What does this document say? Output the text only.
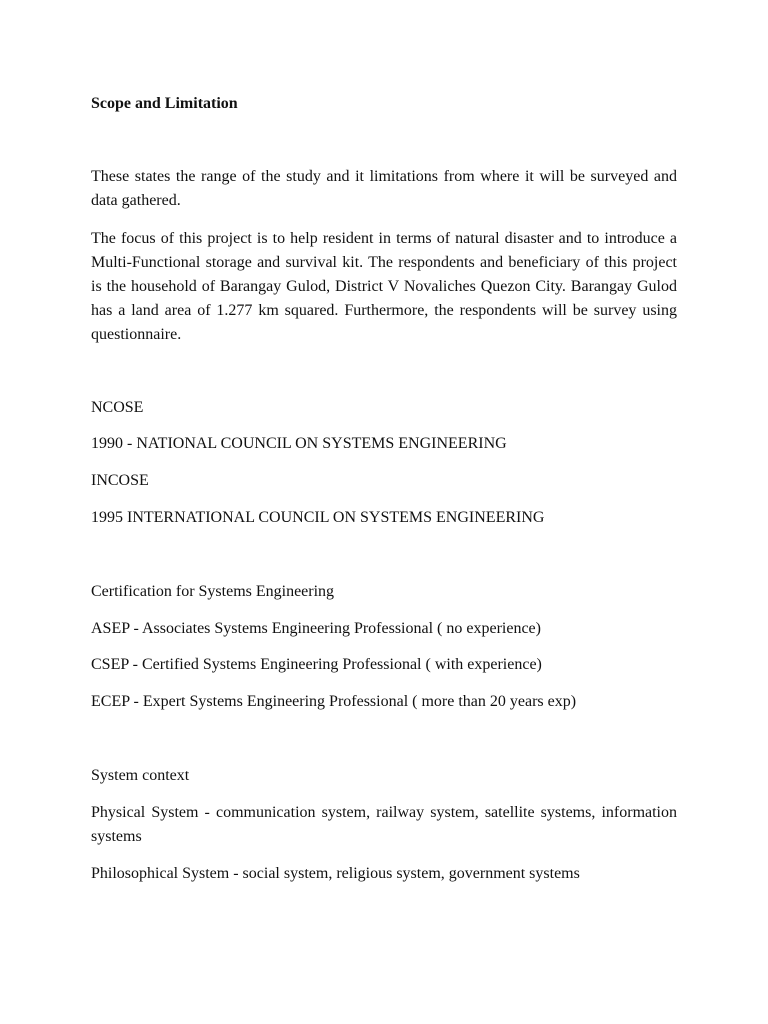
Scope and Limitation
These states the range of the study and it limitations from where it will be surveyed and data gathered.
The focus of this project is to help resident in terms of natural disaster and to introduce a Multi-Functional storage and survival kit. The respondents and beneficiary of this project is the household of Barangay Gulod, District V Novaliches Quezon City. Barangay Gulod has a land area of 1.277 km squared. Furthermore, the respondents will be survey using questionnaire.
NCOSE
1990 - NATIONAL COUNCIL ON SYSTEMS ENGINEERING
INCOSE
1995 INTERNATIONAL COUNCIL ON SYSTEMS ENGINEERING
Certification for Systems Engineering
ASEP - Associates Systems Engineering Professional ( no experience)
CSEP - Certified Systems Engineering Professional ( with experience)
ECEP - Expert Systems Engineering Professional ( more than 20 years exp)
System context
Physical System - communication system, railway system, satellite systems, information systems
Philosophical System - social system, religious system, government systems
